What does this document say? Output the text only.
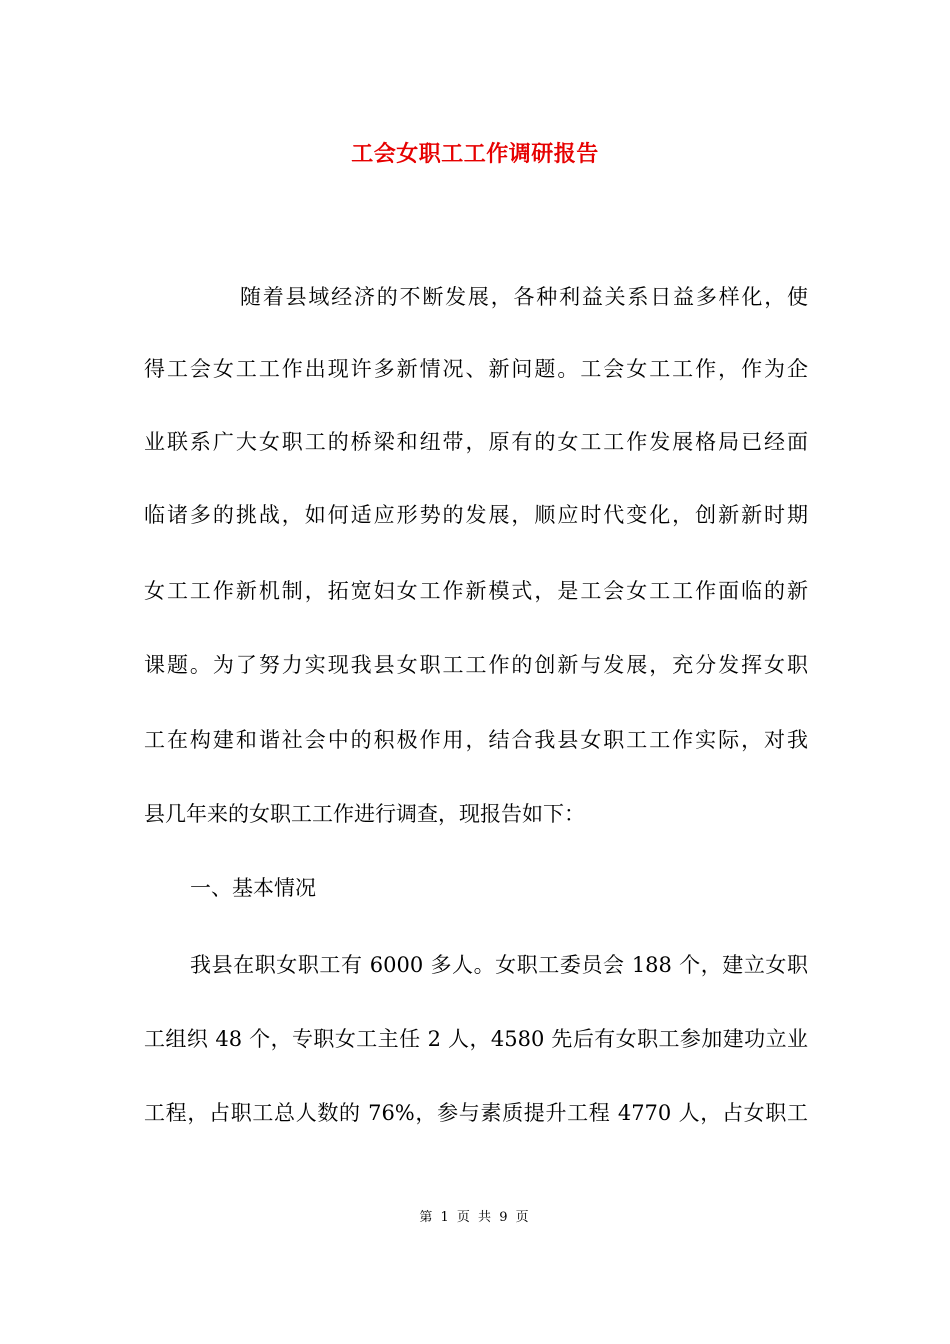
工会女职工工作调研报告
随着县域经济的不断发展，各种利益关系日益多样化，使
得工会女工工作出现许多新情况、新问题。工会女工工作，作为企
业联系广大女职工的桥梁和纽带，原有的女工工作发展格局已经面
临诸多的挑战，如何适应形势的发展，顺应时代变化，创新新时期
女工工作新机制，拓宽妇女工作新模式，是工会女工工作面临的新
课题。为了努力实现我县女职工工作的创新与发展，充分发挥女职
工在构建和谐社会中的积极作用，结合我县女职工工作实际，对我
县几年来的女职工工作进行调查，现报告如下：
一、基本情况
我县在职女职工有 6000 多人。女职工委员会 188 个，建立女职
工组织 48 个，专职女工主任 2 人，4580 先后有女职工参加建功立业
工程，占职工总人数的 76%，参与素质提升工程 4770 人，占女职工
第 1 页 共 9 页
